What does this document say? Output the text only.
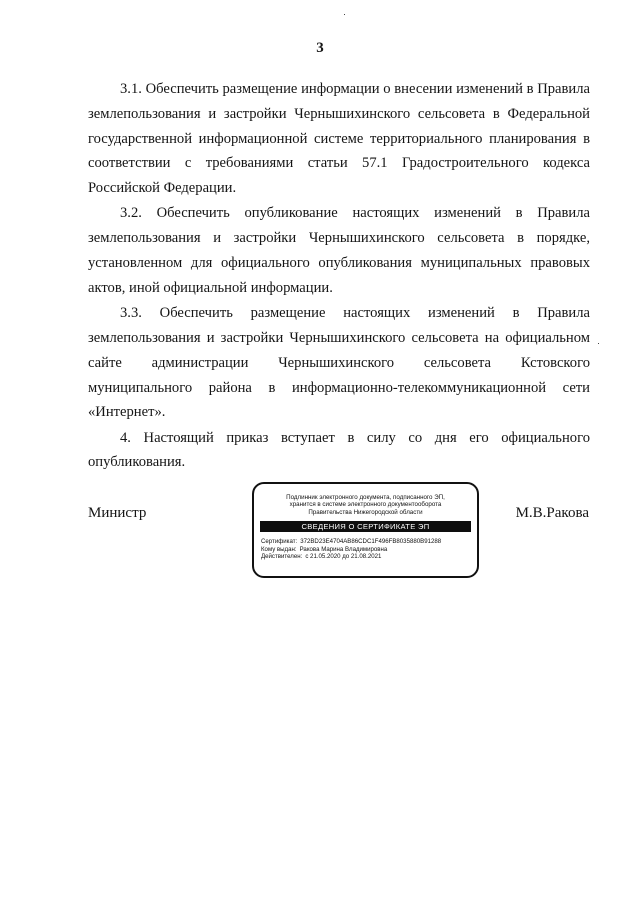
3

3.1. Обеспечить размещение информации о внесении изменений в Правила землепользования и застройки Чернышихинского сельсовета в Федеральной государственной информационной системе территориального планирования в соответствии с требованиями статьи 57.1 Градостроительного кодекса Российской Федерации.

3.2. Обеспечить опубликование настоящих изменений в Правила землепользования и застройки Чернышихинского сельсовета в порядке, установленном для официального опубликования муниципальных правовых актов, иной официальной информации.

3.3. Обеспечить размещение настоящих изменений в Правила землепользования и застройки Чернышихинского сельсовета на официальном сайте администрации Чернышихинского сельсовета Кстовского муниципального района в информационно-телекоммуникационной сети «Интернет».

4. Настоящий приказ вступает в силу со дня его официального опубликования.

Министр	М.В.Ракова
Подлинник электронного документа, подписанного ЭП,
хранится в системе электронного документооборота
Правительства Нижегородской области
СВЕДЕНИЯ О СЕРТИФИКАТЕ ЭП
Сертификат: 372BD23E4704AB86CDC1F496FB8035880B91288
Кому выдан: Ракова Марина Владимировна
Действителен: с 21.05.2020 до 21.08.2021
